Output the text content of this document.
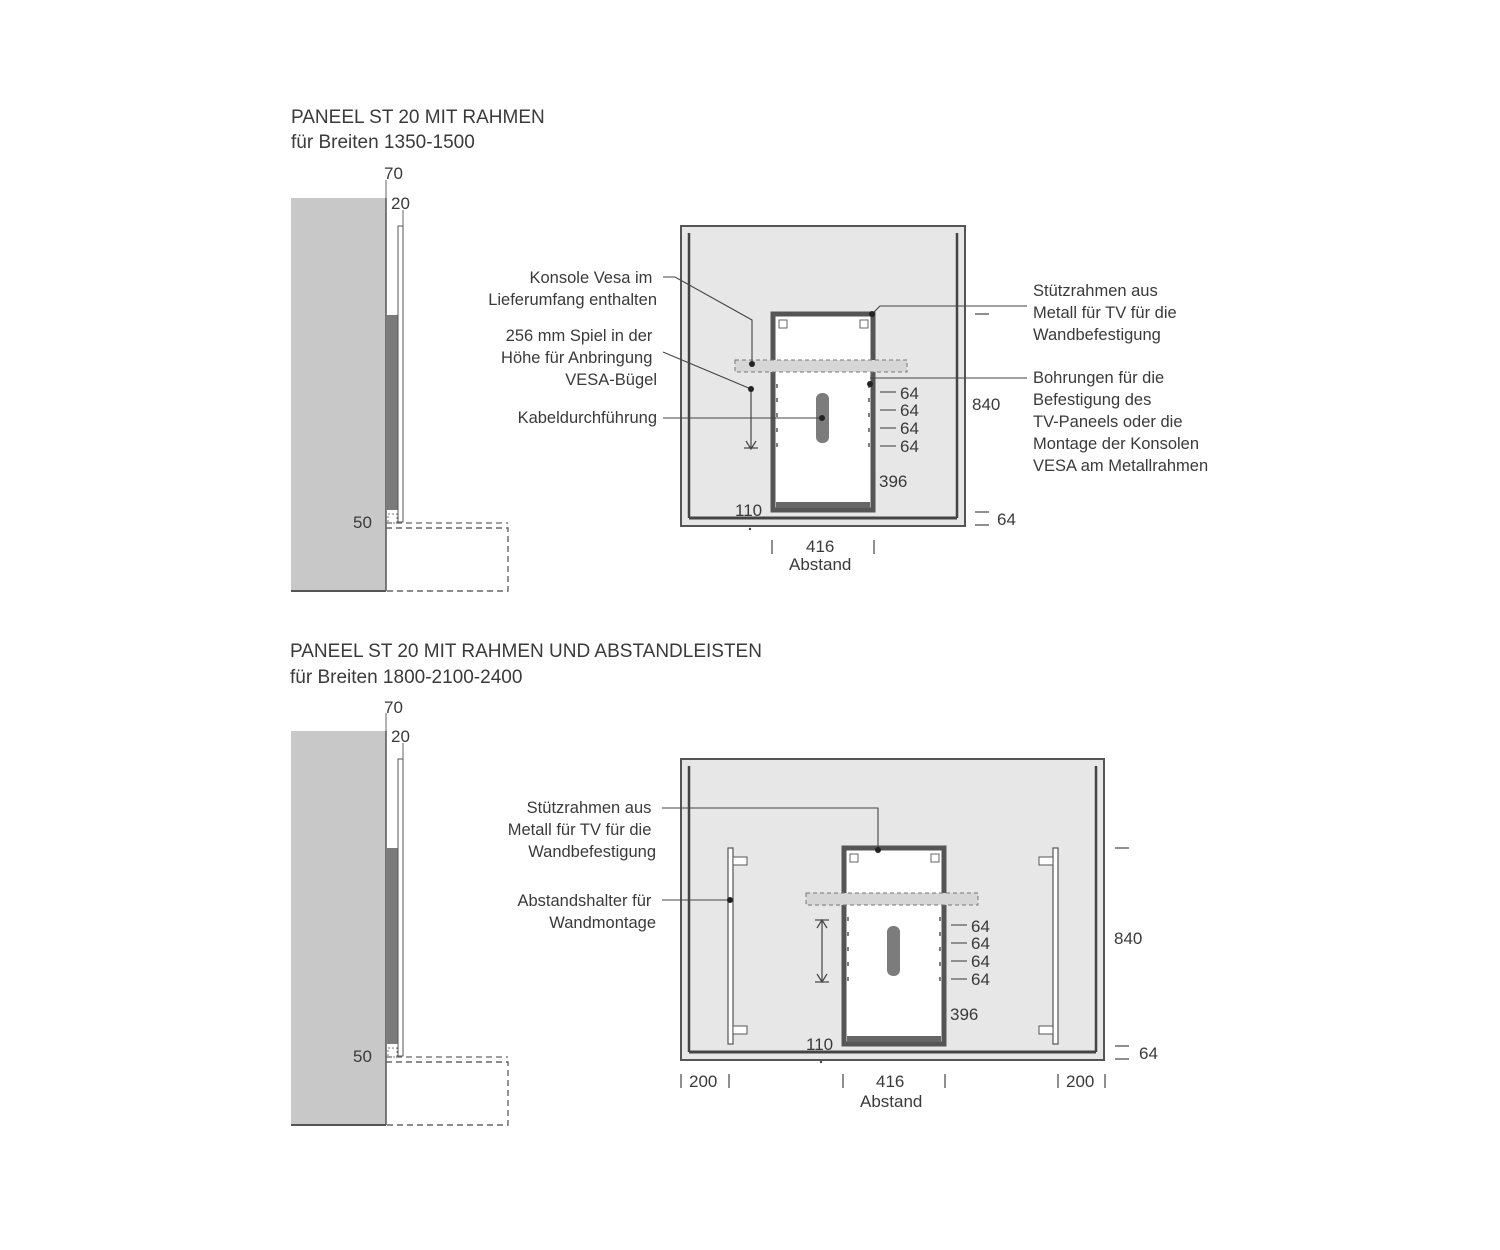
PANEEL ST 20 MIT RAHMEN
für Breiten 1350-1500
70
20
50
64
64
64
64
396
110
840
64
416
Abstand
Konsole Vesa im Lieferumfang enthalten
256 mm Spiel in der Höhe für Anbringung VESA-Bügel
Kabeldurchführung
Stützrahmen aus Metall für TV für die Wandbefestigung
Bohrungen für die Befestigung des TV-Paneels oder die Montage der Konsolen VESA am Metallrahmen
PANEEL ST 20 MIT RAHMEN UND ABSTANDLEISTEN
für Breiten 1800-2100-2400
70
20
50
64
64
64
64
396
110
840
64
200	416
Abstand
200
Stützrahmen aus Metall für TV für die Wandbefestigung
Abstandshalter für Wandmontage
